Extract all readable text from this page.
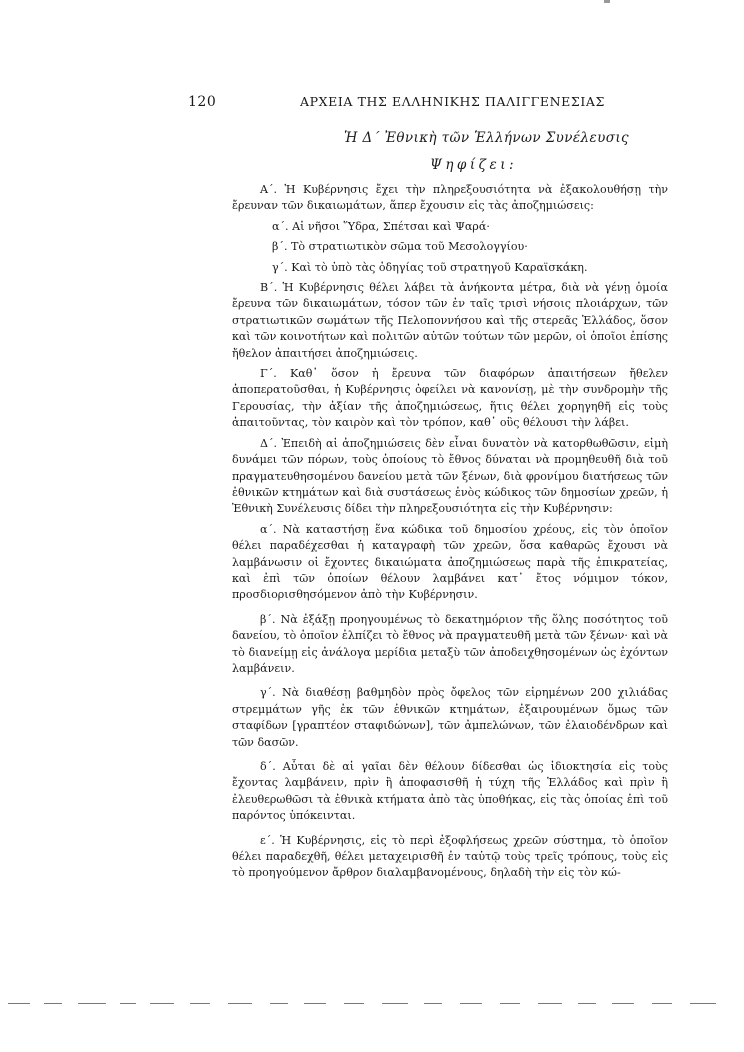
120	ΑΡΧΕΙΑ ΤΗΣ ΕΛΛΗΝΙΚΗΣ ΠΑΛΙΓΓΕΝΕΣΙΑΣ
Ἡ Δ΄ Ἐθνικὴ τῶν Ἑλλήνων Συνέλευσις
Ψηφίζει:

Α΄. Ἡ Κυβέρνησις ἔχει τὴν πληρεξουσιότητα νὰ ἐξακολουθήσῃ τὴν ἔρευναν τῶν δικαιωμάτων, ἅπερ ἔχουσιν εἰς τὰς ἀποζημιώσεις:

α΄. Αἱ νῆσοι Ὕδρα, Σπέτσαι καὶ Ψαρά·

β΄. Τὸ στρατιωτικὸν σῶμα τοῦ Μεσολογγίου·

γ΄. Καὶ τὸ ὑπὸ τὰς ὁδηγίας τοῦ στρατηγοῦ Καραϊσκάκη.

Β΄. Ἡ Κυβέρνησις θέλει λάβει τὰ ἀνήκοντα μέτρα, διὰ νὰ γένῃ ὁμοία ἔρευνα τῶν δικαιωμάτων, τόσον τῶν ἐν ταῖς τρισὶ νήσοις πλοιάρχων, τῶν στρατιωτικῶν σωμάτων τῆς Πελοποννήσου καὶ τῆς στερεᾶς Ἑλλάδος, ὅσον καὶ τῶν κοινοτήτων καὶ πολιτῶν αὐτῶν τούτων τῶν μερῶν, οἱ ὁποῖοι ἐπίσης ἤθελον ἀπαιτήσει ἀποζημιώσεις.

Γ΄. Καθ᾿ ὅσον ἡ ἔρευνα τῶν διαφόρων ἀπαιτήσεων ἤθελεν ἀποπερατοῦσθαι, ἡ Κυβέρνησις ὀφείλει νὰ κανονίσῃ, μὲ τὴν συνδρομὴν τῆς Γερουσίας, τὴν ἀξίαν τῆς ἀποζημιώσεως, ἥτις θέλει χορηγηθῆ εἰς τοὺς ἀπαιτοῦντας, τὸν καιρὸν καὶ τὸν τρόπον, καθ᾿ οὓς θέλουσι τὴν λάβει.

Δ΄. Ἐπειδὴ αἱ ἀποζημιώσεις δὲν εἶναι δυνατὸν νὰ κατορθωθῶσιν, εἰμὴ δυνάμει τῶν πόρων, τοὺς ὁποίους τὸ ἔθνος δύναται νὰ προμηθευθῆ διὰ τοῦ πραγματευθησομένου δανείου μετὰ τῶν ξένων, διὰ φρονίμου διατήσεως τῶν ἐθνικῶν κτημάτων καὶ διὰ συστάσεως ἑνὸς κώδικος τῶν δημοσίων χρεῶν, ἡ Ἐθνικὴ Συνέλευσις δίδει τὴν πληρεξουσιότητα εἰς τὴν Κυβέρνησιν:

α΄. Νὰ καταστήσῃ ἕνα κώδικα τοῦ δημοσίου χρέους, εἰς τὸν ὁποῖον θέλει παραδέχεσθαι ἡ καταγραφὴ τῶν χρεῶν, ὅσα καθαρῶς ἔχουσι νὰ λαμβάνωσιν οἱ ἔχοντες δικαιώματα ἀποζημιώσεως παρὰ τῆς ἐπικρατείας, καὶ ἐπὶ τῶν ὁποίων θέλουν λαμβάνει κατ᾿ ἔτος νόμιμον τόκον, προσδιορισθησόμενον ἀπὸ τὴν Κυβέρνησιν.

β΄. Νὰ ἐξάξῃ προηγουμένως τὸ δεκατημόριον τῆς ὅλης ποσότητος τοῦ δανείου, τὸ ὁποῖον ἐλπίζει τὸ ἔθνος νὰ πραγματευθῆ μετὰ τῶν ξένων· καὶ νὰ τὸ διανείμῃ εἰς ἀνάλογα μερίδια μεταξὺ τῶν ἀποδειχθησομένων ὡς ἐχόντων λαμβάνειν.

γ΄. Νὰ διαθέσῃ βαθμηδὸν πρὸς ὄφελος τῶν εἰρημένων 200 χιλιάδας στρεμμάτων γῆς ἐκ τῶν ἐθνικῶν κτημάτων, ἐξαιρουμένων ὅμως τῶν σταφίδων [γραπτέον σταφιδώνων], τῶν ἀμπελώνων, τῶν ἐλαιοδένδρων καὶ τῶν δασῶν.

δ΄. Αὗται δὲ αἱ γαῖαι δὲν θέλουν δίδεσθαι ὡς ἰδιοκτησία εἰς τοὺς ἔχοντας λαμβάνειν, πρὶν ἢ ἀποφασισθῆ ἡ τύχη τῆς Ἑλλάδος καὶ πρὶν ἢ ἐλευθερωθῶσι τὰ ἐθνικὰ κτήματα ἀπὸ τὰς ὑποθήκας, εἰς τὰς ὁποίας ἐπὶ τοῦ παρόντος ὑπόκεινται.

ε΄. Ἡ Κυβέρνησις, εἰς τὸ περὶ ἐξοφλήσεως χρεῶν σύστημα, τὸ ὁποῖον θέλει παραδεχθῆ, θέλει μεταχειρισθῆ ἐν ταὐτῷ τοὺς τρεῖς τρόπους, τοὺς εἰς τὸ προηγούμενον ἄρθρον διαλαμβανομένους, δηλαδὴ τὴν εἰς τὸν κώ-
